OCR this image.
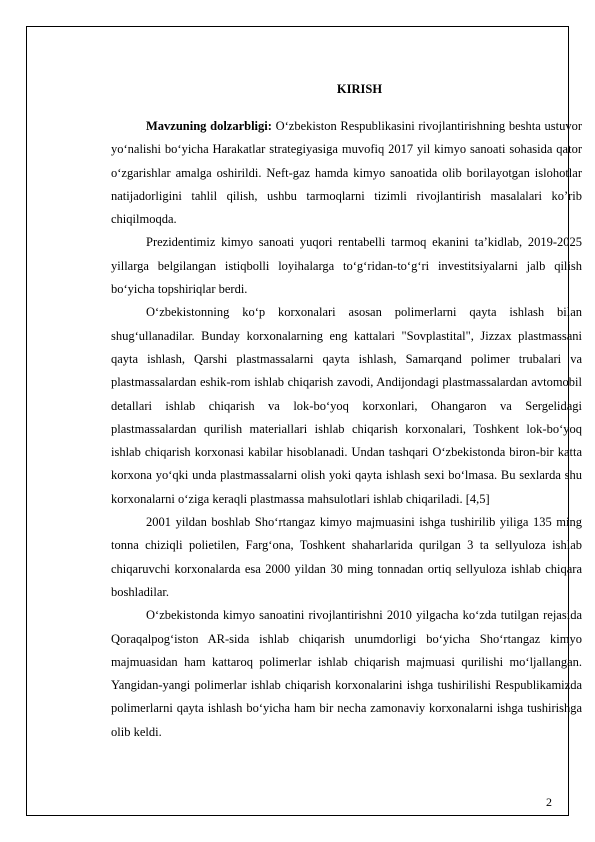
KIRISH

Mavzuning dolzarbligi: O‘zbekiston Respublikasini rivojlantirishning beshta ustuvor yo‘nalishi bo‘yicha Harakatlar strategiyasiga muvofiq 2017 yil kimyo sanoati sohasida qator o‘zgarishlar amalga oshirildi. Neft-gaz hamda kimyo sanoatida olib borilayotgan islohotlar natijadorligini tahlil qilish, ushbu tarmoqlarni tizimli rivojlantirish masalalari ko’rib chiqilmoqda.

Prezidentimiz kimyo sanoati yuqori rentabelli tarmoq ekanini ta’kidlab, 2019-2025 yillarga belgilangan istiqbolli loyihalarga to‘g‘ridan-to‘g‘ri investitsiyalarni jalb qilish bo‘yicha topshiriqlar berdi.

O‘zbekistonning ko‘p korxonalari asosan polimerlarni qayta ishlash bilan shug‘ullanadilar. Bunday korxonalarning eng kattalari "Sovplastital", Jizzax plastmassani qayta ishlash, Qarshi plastmassalarni qayta ishlash, Samarqand polimer trubalari va plastmassalardan eshik-rom ishlab chiqarish zavodi, Andijondagi plastmassalardan avtomobil detallari ishlab chiqarish va lok-bo‘yoq korxonlari, Ohangaron va Sergelidagi plastmassalardan qurilish materiallari ishlab chiqarish korxonalari, Toshkent lok-bo‘yoq ishlab chiqarish korxonasi kabilar hisoblanadi. Undan tashqari O‘zbekistonda biron-bir katta korxona yo‘qki unda plastmassalarni olish yoki qayta ishlash sexi bo‘lmasa. Bu sexlarda shu korxonalarni o‘ziga keraqli plastmassa mahsulotlari ishlab chiqariladi. [4,5]

2001 yildan boshlab Sho‘rtangaz kimyo majmuasini ishga tushirilib yiliga 135 ming tonna chiziqli polietilen, Farg‘ona, Toshkent shaharlarida qurilgan 3 ta sellyuloza ishlab chiqaruvchi korxonalarda esa 2000 yildan 30 ming tonnadan ortiq sellyuloza ishlab chiqara boshladilar.

O‘zbekistonda kimyo sanoatini rivojlantirishni 2010 yilgacha ko‘zda tutilgan rejasida Qoraqalpog‘iston AR-sida ishlab chiqarish unumdorligi bo‘yicha Sho‘rtangaz kimyo majmuasidan ham kattaroq polimerlar ishlab chiqarish majmuasi qurilishi mo‘ljallangan. Yangidan-yangi polimerlar ishlab chiqarish korxonalarini ishga tushirilishi Respublikamizda polimerlarni qayta ishlash bo‘yicha ham bir necha zamonaviy korxonalarni ishga tushirishga olib keldi.

2
